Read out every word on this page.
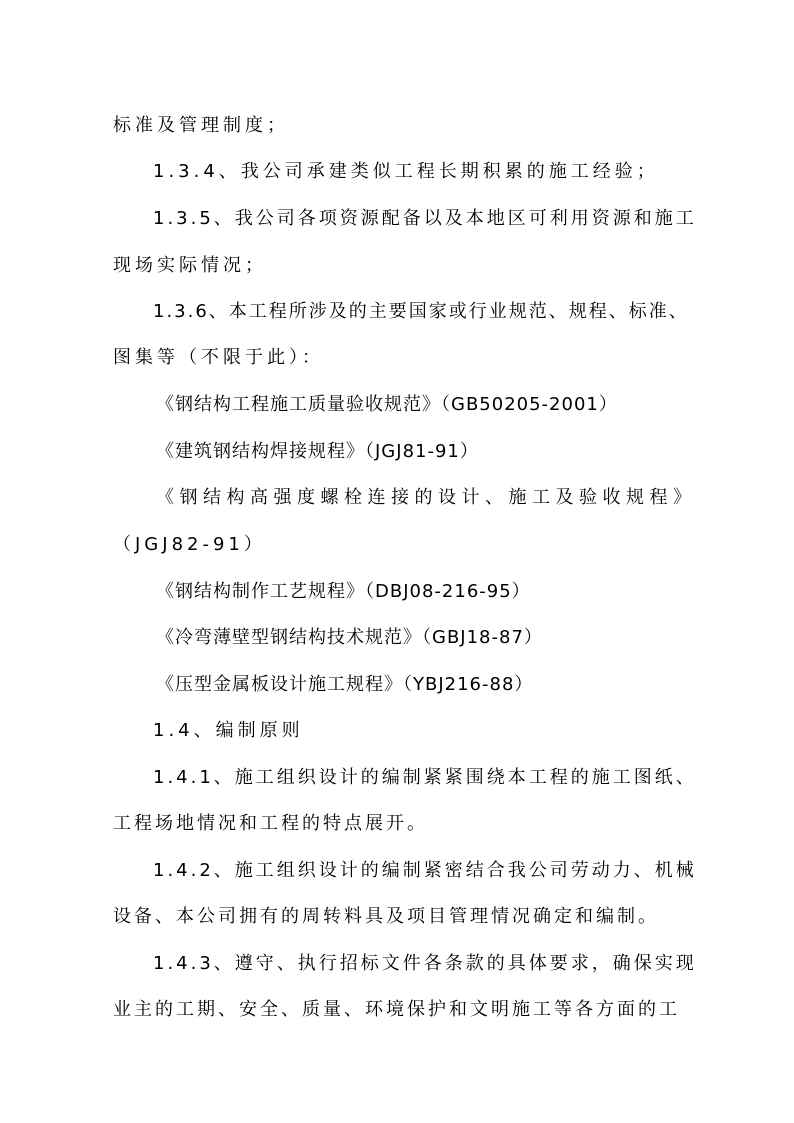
标准及管理制度；
1.3.4、我公司承建类似工程长期积累的施工经验；
1.3.5、我公司各项资源配备以及本地区可利用资源和施工
现场实际情况；
1.3.6、本工程所涉及的主要国家或行业规范、规程、标准、
图集等（不限于此）：
《钢结构工程施工质量验收规范》（GB50205-2001）
《建筑钢结构焊接规程》（JGJ81-91）
《钢结构高强度螺栓连接的设计、施工及验收规程》
（JGJ82-91）
《钢结构制作工艺规程》（DBJ08-216-95）
《冷弯薄壁型钢结构技术规范》（GBJ18-87）
《压型金属板设计施工规程》（YBJ216-88）
1.4、编制原则
1.4.1、施工组织设计的编制紧紧围绕本工程的施工图纸、
工程场地情况和工程的特点展开。
1.4.2、施工组织设计的编制紧密结合我公司劳动力、机械
设备、本公司拥有的周转料具及项目管理情况确定和编制。
1.4.3、遵守、执行招标文件各条款的具体要求，确保实现
业主的工期、安全、质量、环境保护和文明施工等各方面的工
